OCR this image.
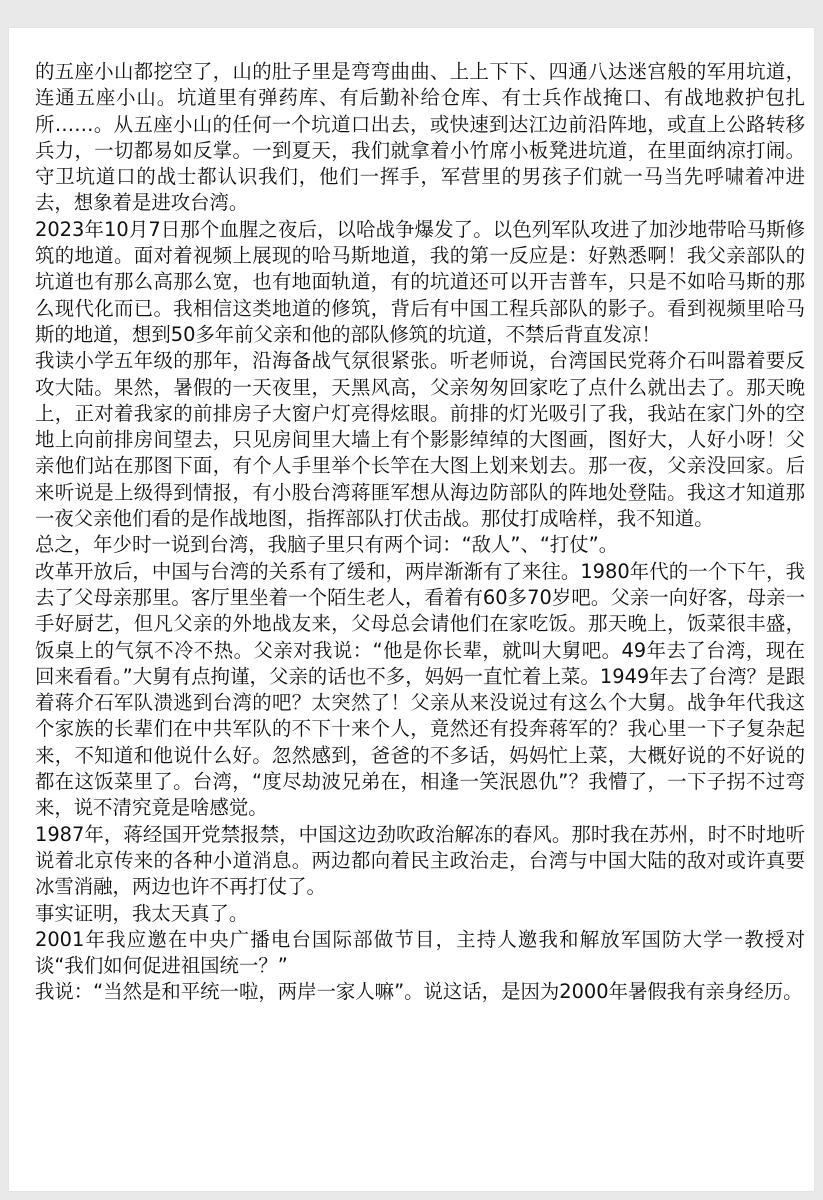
的五座小山都挖空了，山的肚子里是弯弯曲曲、上上下下、四通八达迷宫般的军用坑道，连通五座小山。坑道里有弹药库、有后勤补给仓库、有士兵作战掩口、有战地救护包扎所……。从五座小山的任何一个坑道口出去，或快速到达江边前沿阵地，或直上公路转移兵力，一切都易如反掌。一到夏天，我们就拿着小竹席小板凳进坑道，在里面纳凉打闹。守卫坑道口的战士都认识我们，他们一挥手，军营里的男孩子们就一马当先呼啸着冲进去，想象着是进攻台湾。

2023年10月7日那个血腥之夜后，以哈战争爆发了。以色列军队攻进了加沙地带哈马斯修筑的地道。面对着视频上展现的哈马斯地道，我的第一反应是：好熟悉啊！我父亲部队的坑道也有那么高那么宽，也有地面轨道，有的坑道还可以开吉普车，只是不如哈马斯的那么现代化而已。我相信这类地道的修筑，背后有中国工程兵部队的影子。看到视频里哈马斯的地道，想到50多年前父亲和他的部队修筑的坑道，不禁后背直发凉！

我读小学五年级的那年，沿海备战气氛很紧张。听老师说，台湾国民党蒋介石叫嚣着要反攻大陆。果然，暑假的一天夜里，天黑风高，父亲匆匆回家吃了点什么就出去了。那天晚上，正对着我家的前排房子大窗户灯亮得炫眼。前排的灯光吸引了我，我站在家门外的空地上向前排房间望去，只见房间里大墙上有个影影绰绰的大图画，图好大，人好小呀！父亲他们站在那图下面，有个人手里举个长竿在大图上划来划去。那一夜，父亲没回家。后来听说是上级得到情报，有小股台湾蒋匪军想从海边防部队的阵地处登陆。我这才知道那一夜父亲他们看的是作战地图，指挥部队打伏击战。那仗打成啥样，我不知道。

总之，年少时一说到台湾，我脑子里只有两个词：“敌人”、“打仗”。

改革开放后，中国与台湾的关系有了缓和，两岸渐渐有了来往。1980年代的一个下午，我去了父母亲那里。客厅里坐着一个陌生老人，看着有60多70岁吧。父亲一向好客，母亲一手好厨艺，但凡父亲的外地战友来，父母总会请他们在家吃饭。那天晚上，饭菜很丰盛，饭桌上的气氛不冷不热。父亲对我说：“他是你长辈，就叫大舅吧。49年去了台湾，现在回来看看。”大舅有点拘谨，父亲的话也不多，妈妈一直忙着上菜。1949年去了台湾？是跟着蒋介石军队溃逃到台湾的吧？太突然了！父亲从来没说过有这么个大舅。战争年代我这个家族的长辈们在中共军队的不下十来个人，竟然还有投奔蒋军的？我心里一下子复杂起来，不知道和他说什么好。忽然感到，爸爸的不多话，妈妈忙上菜，大概好说的不好说的都在这饭菜里了。台湾，“度尽劫波兄弟在，相逢一笑泯恩仇”？我懵了，一下子拐不过弯来，说不清究竟是啥感觉。

1987年，蒋经国开党禁报禁，中国这边劲吹政治解冻的春风。那时我在苏州，时不时地听说着北京传来的各种小道消息。两边都向着民主政治走，台湾与中国大陆的敌对或许真要冰雪消融，两边也许不再打仗了。

事实证明，我太天真了。

2001年我应邀在中央广播电台国际部做节目，主持人邀我和解放军国防大学一教授对谈“我们如何促进祖国统一？”

我说：“当然是和平统一啦，两岸一家人嘛”。说这话，是因为2000年暑假我有亲身经历。
